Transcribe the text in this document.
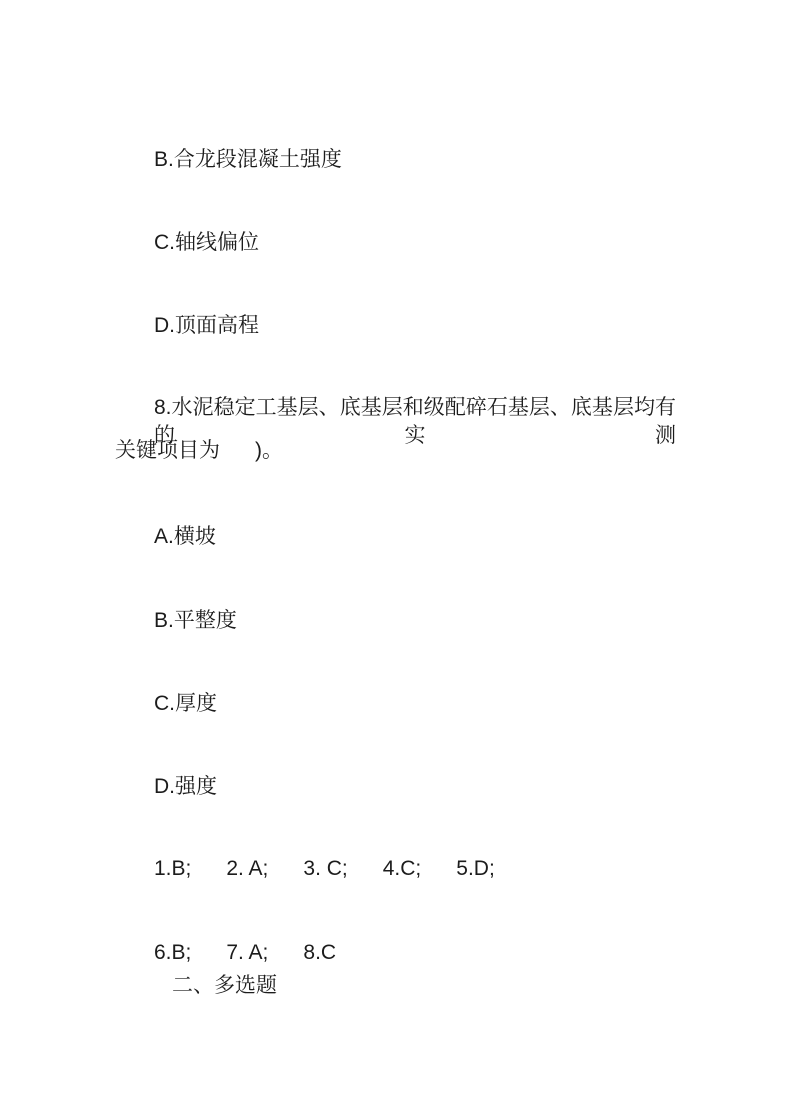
B.合龙段混凝土强度
C.轴线偏位
D.顶面高程
8.水泥稳定工基层、底基层和级配碎石基层、底基层均有的实测
关键项目为      )。
A.横坡
B.平整度
C.厚度
D.强度
1.B;      2. A;      3. C;      4.C;      5.D;
6.B;      7. A;      8.C
二、多选题
